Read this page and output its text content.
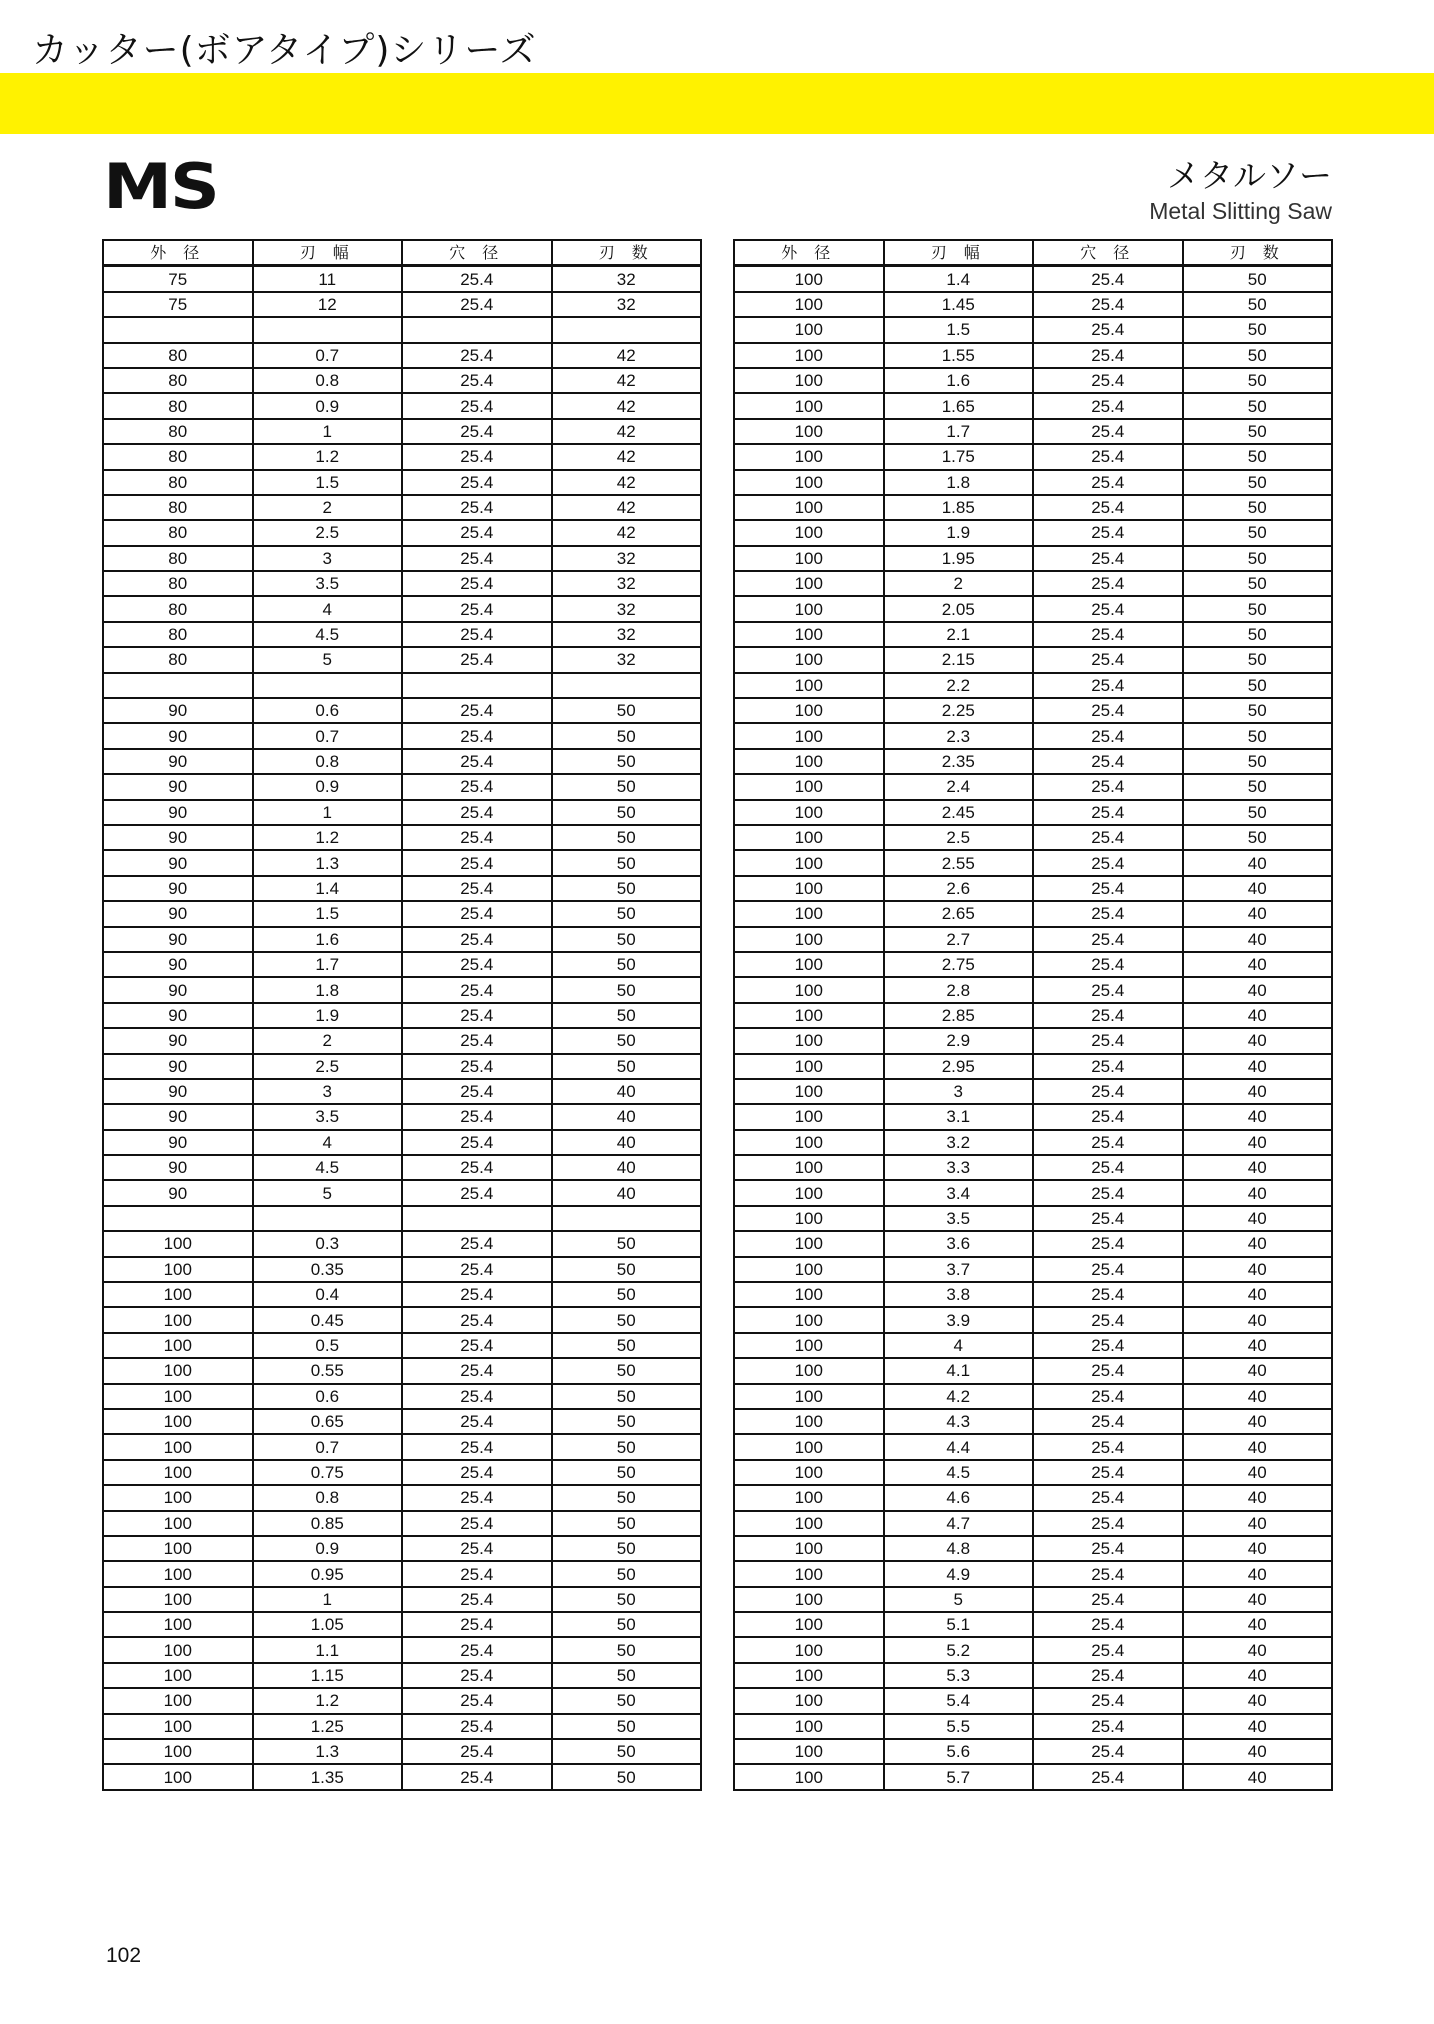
カッター(ボアタイプ)シリーズ
MS	メタルソー
Metal Slitting Saw
外 径	刃 幅	穴 径	刃 数
75	11	25.4	32
75	12	25.4	32

80	0.7	25.4	42
80	0.8	25.4	42
80	0.9	25.4	42
80	1	25.4	42
80	1.2	25.4	42
80	1.5	25.4	42
80	2	25.4	42
80	2.5	25.4	42
80	3	25.4	32
80	3.5	25.4	32
80	4	25.4	32
80	4.5	25.4	32
80	5	25.4	32

90	0.6	25.4	50
90	0.7	25.4	50
90	0.8	25.4	50
90	0.9	25.4	50
90	1	25.4	50
90	1.2	25.4	50
90	1.3	25.4	50
90	1.4	25.4	50
90	1.5	25.4	50
90	1.6	25.4	50
90	1.7	25.4	50
90	1.8	25.4	50
90	1.9	25.4	50
90	2	25.4	50
90	2.5	25.4	50
90	3	25.4	40
90	3.5	25.4	40
90	4	25.4	40
90	4.5	25.4	40
90	5	25.4	40

100	0.3	25.4	50
100	0.35	25.4	50
100	0.4	25.4	50
100	0.45	25.4	50
100	0.5	25.4	50
100	0.55	25.4	50
100	0.6	25.4	50
100	0.65	25.4	50
100	0.7	25.4	50
100	0.75	25.4	50
100	0.8	25.4	50
100	0.85	25.4	50
100	0.9	25.4	50
100	0.95	25.4	50
100	1	25.4	50
100	1.05	25.4	50
100	1.1	25.4	50
100	1.15	25.4	50
100	1.2	25.4	50
100	1.25	25.4	50
100	1.3	25.4	50
100	1.35	25.4	50
外 径	刃 幅	穴 径	刃 数
100	1.4	25.4	50
100	1.45	25.4	50
100	1.5	25.4	50
100	1.55	25.4	50
100	1.6	25.4	50
100	1.65	25.4	50
100	1.7	25.4	50
100	1.75	25.4	50
100	1.8	25.4	50
100	1.85	25.4	50
100	1.9	25.4	50
100	1.95	25.4	50
100	2	25.4	50
100	2.05	25.4	50
100	2.1	25.4	50
100	2.15	25.4	50
100	2.2	25.4	50
100	2.25	25.4	50
100	2.3	25.4	50
100	2.35	25.4	50
100	2.4	25.4	50
100	2.45	25.4	50
100	2.5	25.4	50
100	2.55	25.4	40
100	2.6	25.4	40
100	2.65	25.4	40
100	2.7	25.4	40
100	2.75	25.4	40
100	2.8	25.4	40
100	2.85	25.4	40
100	2.9	25.4	40
100	2.95	25.4	40
100	3	25.4	40
100	3.1	25.4	40
100	3.2	25.4	40
100	3.3	25.4	40
100	3.4	25.4	40
100	3.5	25.4	40
100	3.6	25.4	40
100	3.7	25.4	40
100	3.8	25.4	40
100	3.9	25.4	40
100	4	25.4	40
100	4.1	25.4	40
100	4.2	25.4	40
100	4.3	25.4	40
100	4.4	25.4	40
100	4.5	25.4	40
100	4.6	25.4	40
100	4.7	25.4	40
100	4.8	25.4	40
100	4.9	25.4	40
100	5	25.4	40
100	5.1	25.4	40
100	5.2	25.4	40
100	5.3	25.4	40
100	5.4	25.4	40
100	5.5	25.4	40
100	5.6	25.4	40
100	5.7	25.4	40
102
